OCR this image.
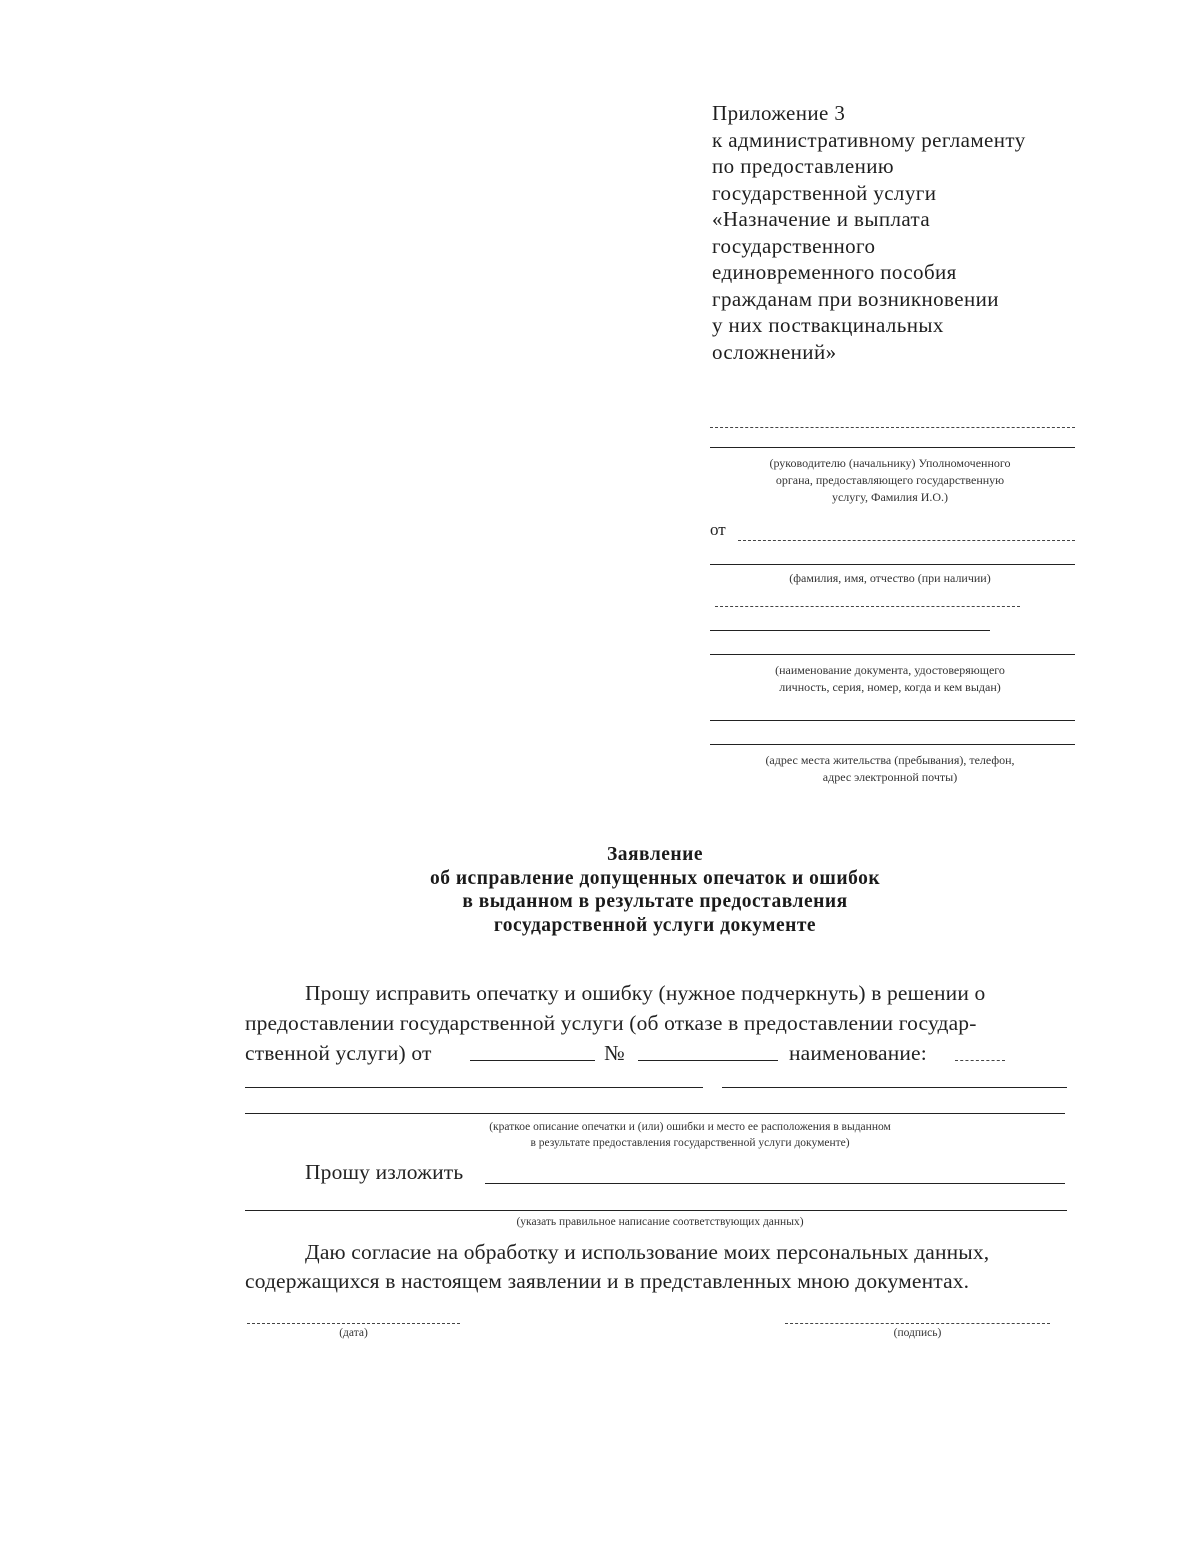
Приложение 3
к административному регламенту
по предоставлению
государственной услуги
«Назначение и выплата
государственного
единовременного пособия
гражданам при возникновении
у них поствакцинальных
осложнений»
(руководителю (начальнику) Уполномоченного
органа, предоставляющего государственную
услугу, Фамилия И.О.)
от
(фамилия, имя, отчество (при наличии)
(наименование документа, удостоверяющего
личность, серия, номер, когда и кем выдан)
(адрес места жительства (пребывания), телефон,
адрес электронной почты)
Заявление
об исправление допущенных опечаток и ошибок
в выданном в результате предоставления
государственной услуги документе
Прошу исправить опечатку и ошибку (нужное подчеркнуть) в решении о
предоставлении государственной услуги (об отказе в предоставлении государ-
ственной услуги) от	№	наименование:
(краткое описание опечатки и (или) ошибки и место ее расположения в выданном
в результате предоставления государственной услуги документе)
Прошу изложить
(указать правильное написание соответствующих данных)
Даю согласие на обработку и использование моих персональных данных,
содержащихся в настоящем заявлении и в представленных мною документах.
(дата)	(подпись)
